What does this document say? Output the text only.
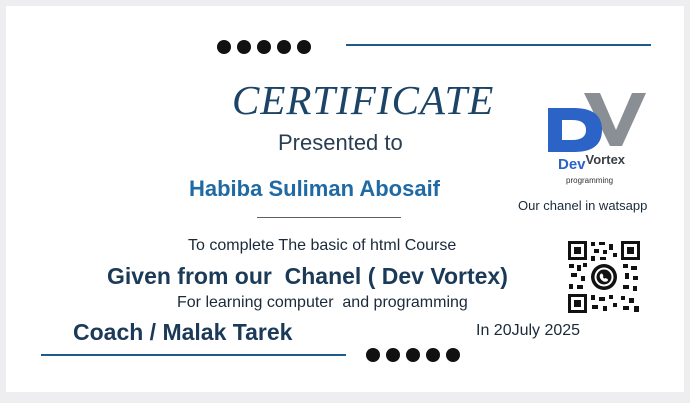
CERTIFICATE
Presented to
Habiba Suliman Abosaif
———————————
To complete The basic of html Course
Given from our  Chanel ( Dev Vortex)
For learning computer  and programming
Coach / Malak Tarek	In 20July 2025
DevVortex
programming
Our chanel in watsapp
